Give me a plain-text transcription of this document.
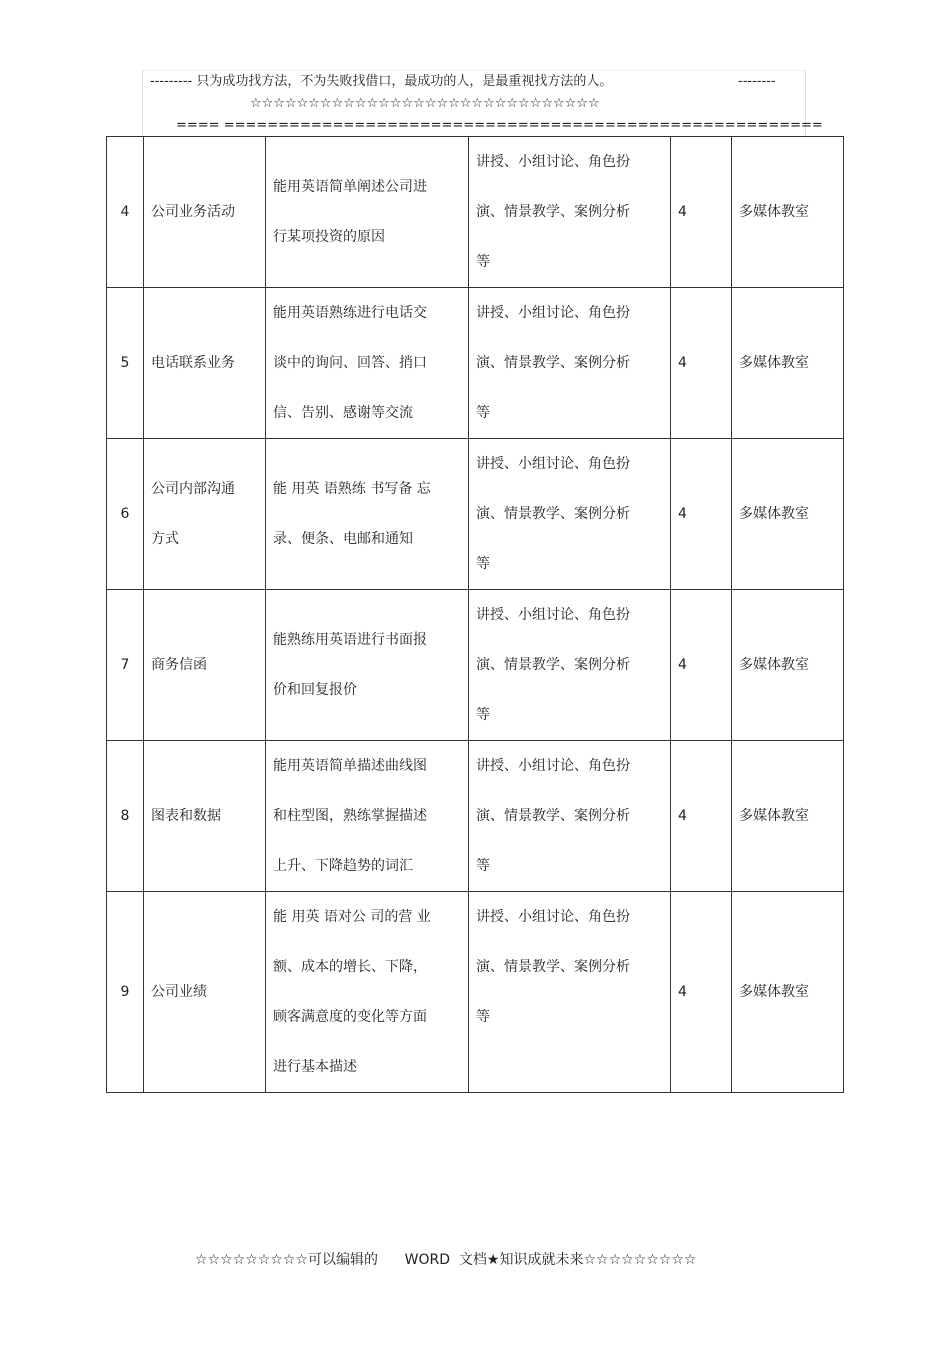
--------- 只为成功找方法，不为失败找借口，最成功的人，是最重视找方法的人。	--------
☆☆☆☆☆☆☆☆☆☆☆☆☆☆☆☆☆☆☆☆☆☆☆☆☆☆☆☆☆☆
==== =======================================================
4	公司业务活动	能用英语简单阐述公司进
行某项投资的原因	讲授、小组讨论、角色扮
演、情景教学、案例分析
等	4	多媒体教室
5	电话联系业务	能用英语熟练进行电话交
谈中的询问、回答、捎口
信、告别、感谢等交流	讲授、小组讨论、角色扮
演、情景教学、案例分析
等	4	多媒体教室
6	公司内部沟通
方式	能 用英 语熟练 书写备 忘
录、便条、电邮和通知	讲授、小组讨论、角色扮
演、情景教学、案例分析
等	4	多媒体教室
7	商务信函	能熟练用英语进行书面报
价和回复报价	讲授、小组讨论、角色扮
演、情景教学、案例分析
等	4	多媒体教室
8	图表和数据	能用英语简单描述曲线图
和柱型图，熟练掌握描述
上升、下降趋势的词汇	讲授、小组讨论、角色扮
演、情景教学、案例分析
等	4	多媒体教室
9	公司业绩	能 用英 语对公 司的营 业
额、成本的增长、下降，
顾客满意度的变化等方面
进行基本描述	讲授、小组讨论、角色扮
演、情景教学、案例分析
等	4	多媒体教室
☆☆☆☆☆☆☆☆☆可以编辑的      WORD  文档★知识成就未来☆☆☆☆☆☆☆☆☆
